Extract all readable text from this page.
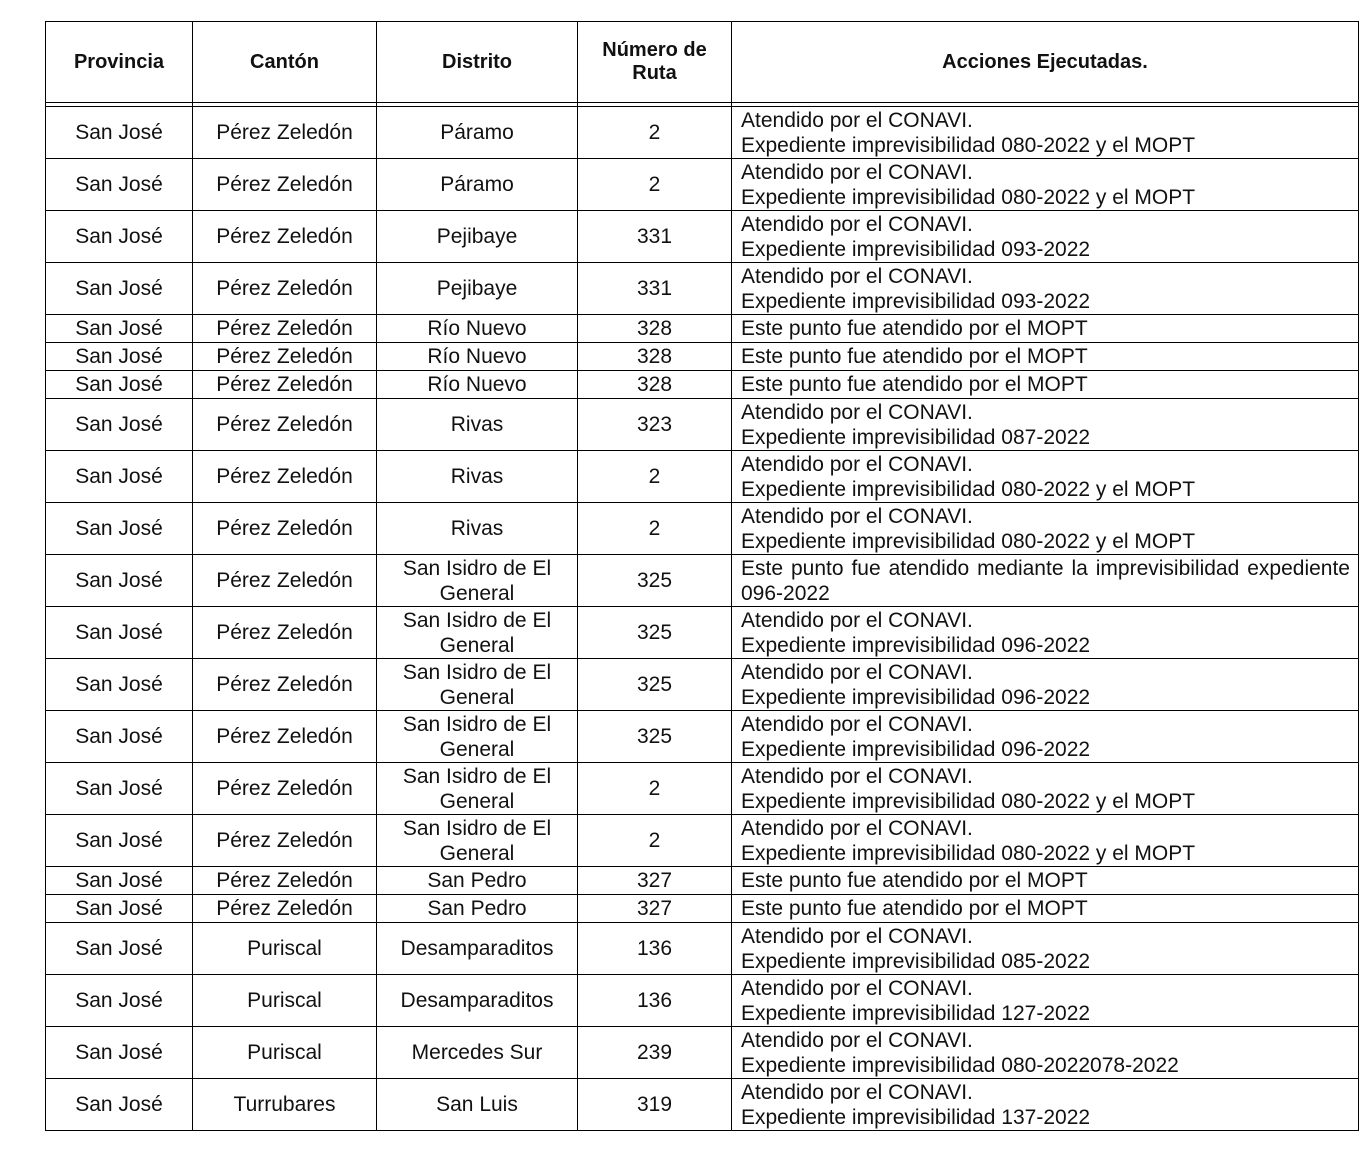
Provincia	Cantón	Distrito	Número de Ruta	Acciones Ejecutadas.

San José	Pérez Zeledón	Páramo	2	Atendido por el CONAVI.
Expediente imprevisibilidad 080-2022 y el MOPT

San José	Pérez Zeledón	Páramo	2	Atendido por el CONAVI.
Expediente imprevisibilidad 080-2022 y el MOPT

San José	Pérez Zeledón	Pejibaye	331	Atendido por el CONAVI.
Expediente imprevisibilidad 093-2022

San José	Pérez Zeledón	Pejibaye	331	Atendido por el CONAVI.
Expediente imprevisibilidad 093-2022

San José	Pérez Zeledón	Río Nuevo	328	Este punto fue atendido por el MOPT

San José	Pérez Zeledón	Río Nuevo	328	Este punto fue atendido por el MOPT

San José	Pérez Zeledón	Río Nuevo	328	Este punto fue atendido por el MOPT

San José	Pérez Zeledón	Rivas	323	Atendido por el CONAVI.
Expediente imprevisibilidad 087-2022

San José	Pérez Zeledón	Rivas	2	Atendido por el CONAVI.
Expediente imprevisibilidad 080-2022 y el MOPT

San José	Pérez Zeledón	Rivas	2	Atendido por el CONAVI.
Expediente imprevisibilidad 080-2022 y el MOPT

San José	Pérez Zeledón	San Isidro de El General	325	Este punto fue atendido mediante la imprevisibilidad expediente 096-2022

San José	Pérez Zeledón	San Isidro de El General	325	Atendido por el CONAVI.
Expediente imprevisibilidad 096-2022

San José	Pérez Zeledón	San Isidro de El General	325	Atendido por el CONAVI.
Expediente imprevisibilidad 096-2022

San José	Pérez Zeledón	San Isidro de El General	325	Atendido por el CONAVI.
Expediente imprevisibilidad 096-2022

San José	Pérez Zeledón	San Isidro de El General	2	Atendido por el CONAVI.
Expediente imprevisibilidad 080-2022 y el MOPT

San José	Pérez Zeledón	San Isidro de El General	2	Atendido por el CONAVI.
Expediente imprevisibilidad 080-2022 y el MOPT

San José	Pérez Zeledón	San Pedro	327	Este punto fue atendido por el MOPT

San José	Pérez Zeledón	San Pedro	327	Este punto fue atendido por el MOPT

San José	Puriscal	Desamparaditos	136	Atendido por el CONAVI.
Expediente imprevisibilidad 085-2022

San José	Puriscal	Desamparaditos	136	Atendido por el CONAVI.
Expediente imprevisibilidad 127-2022

San José	Puriscal	Mercedes Sur	239	Atendido por el CONAVI.
Expediente imprevisibilidad 080-2022078-2022

San José	Turrubares	San Luis	319	Atendido por el CONAVI.
Expediente imprevisibilidad 137-2022
